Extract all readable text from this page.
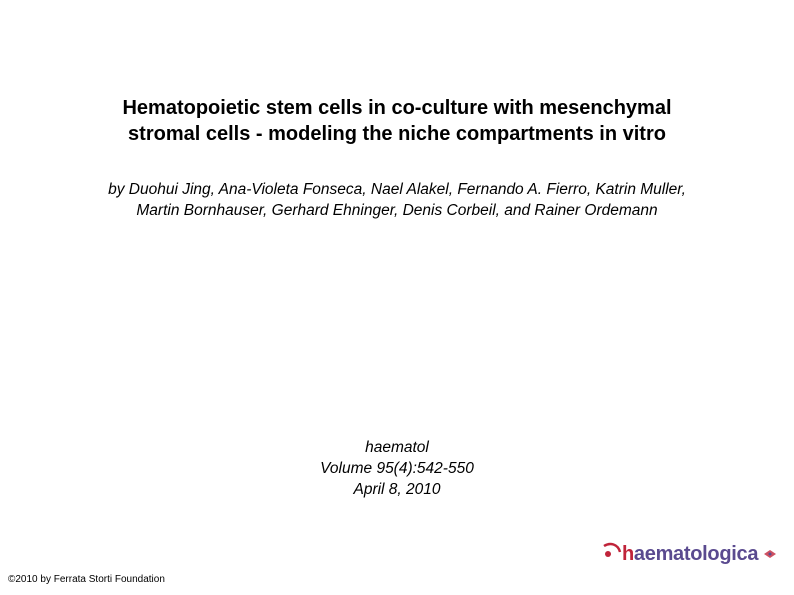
Hematopoietic stem cells in co-culture with mesenchymal
stromal cells - modeling the niche compartments in vitro
by Duohui Jing, Ana-Violeta Fonseca, Nael Alakel, Fernando A. Fierro, Katrin Muller,
Martin Bornhauser, Gerhard Ehninger, Denis Corbeil, and Rainer Ordemann
haematol
Volume 95(4):542-550
April 8, 2010
©2010 by Ferrata Storti Foundation
haematologica
